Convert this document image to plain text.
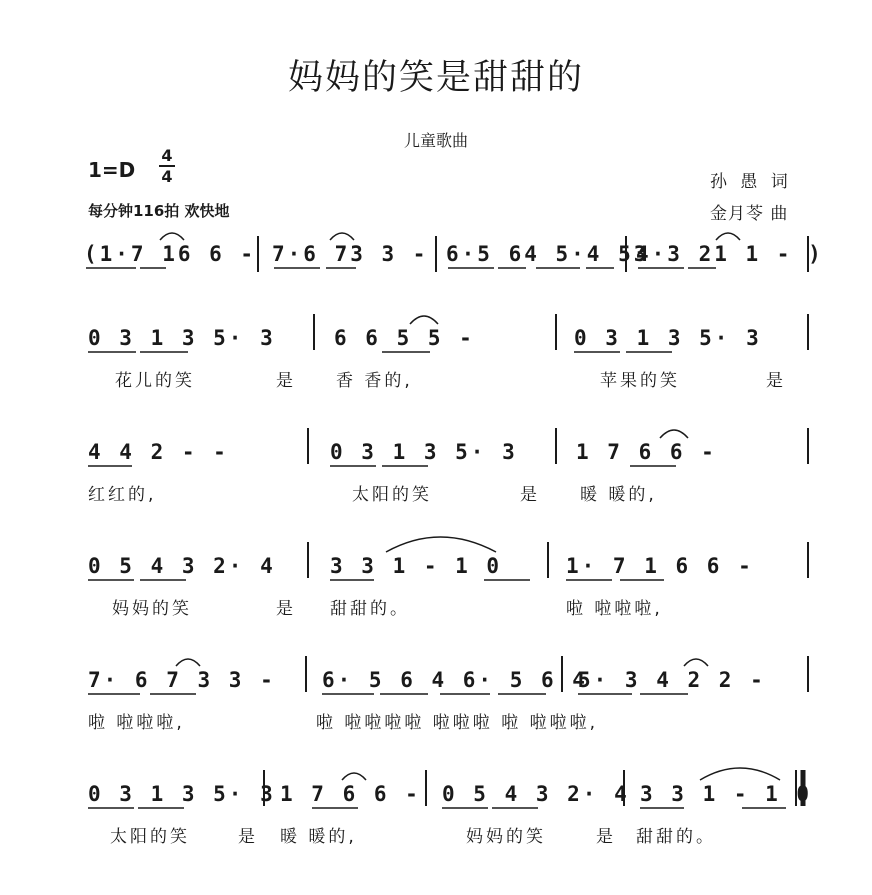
妈妈的笑是甜甜的
儿童歌曲
1=D
4
4
每分钟116拍 欢快地
孙 愚 词
金月苓 曲
(1·7 16 6 - 7·6 73 3 - 6·5 64 5·4 53
4·3 21 1 - )
0 3 1 3 5· 3	6 6 5 5 -	0 3 1 3 5· 3
花儿的笑	是 香 香的,	苹果的笑	是
4 4 2 - -	0 3 1 3 5· 3	1 7 6 6 -
红红的,	太阳的笑	是 暖 暖的,
0 5 4 3 2· 4	3 3 1 - 1 0	1· 7 1 6 6 -
妈妈的笑	是 甜甜的。	啦 啦啦啦,
7· 6 7 3 3 - 6· 5 6 4 6· 5 6 4
5· 3 4 2 2 -
啦 啦啦啦,	啦 啦啦啦啦 啦啦啦 啦 啦啦啦,
0 3 1 3 5· 3 1 7 6 6 - 0 5 4 3 2· 4 3 3 1 - 1 0
太阳的笑	是 暖 暖的,	妈妈的笑	是 甜甜的。
